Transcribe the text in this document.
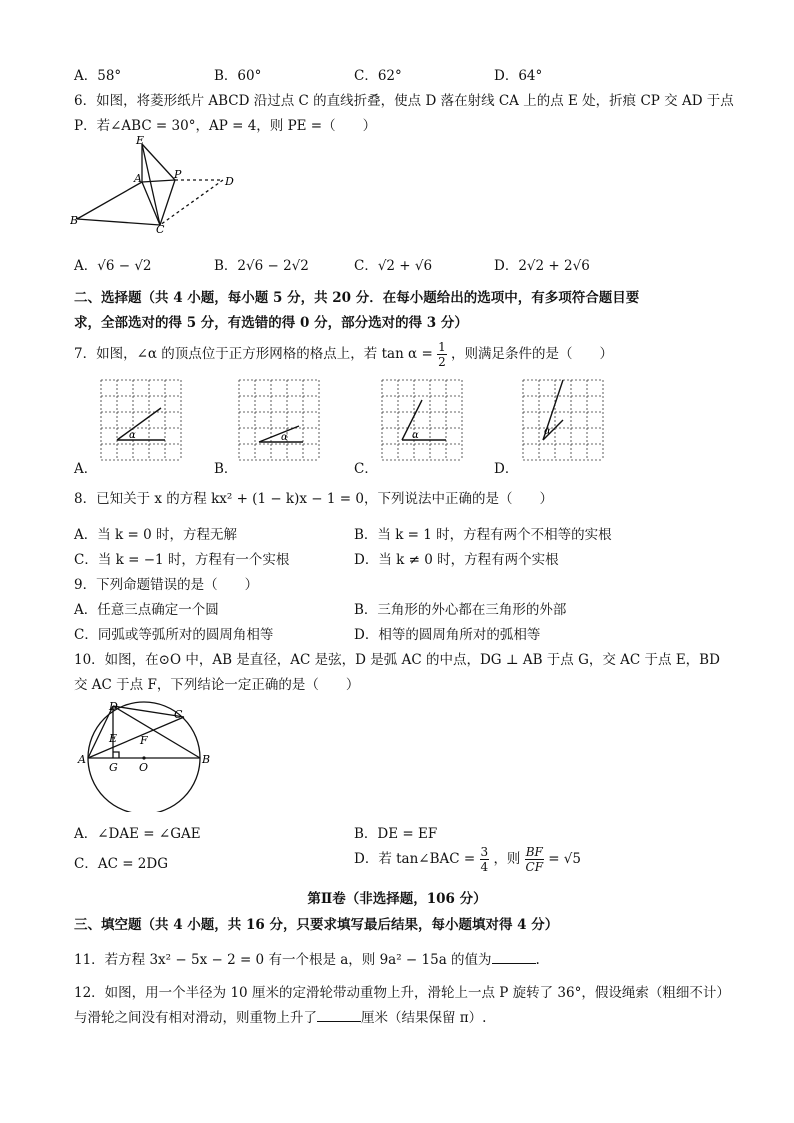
A．58°	B．60°	C．62°	D．64°
6．如图，将菱形纸片 ABCD 沿过点 C 的直线折叠，使点 D 落在射线 CA 上的点 E 处，折痕 CP 交 AD 于点
P．若∠ABC = 30°，AP = 4，则 PE =（　　）
E
A	P
D
B
C
A．√6 − √2	B．2√6 − 2√2	C．√2 + √6	D．2√2 + 2√6
二、选择题（共 4 小题，每小题 5 分，共 20 分．在每小题给出的选项中，有多项符合题目要
求，全部选对的得 5 分，有选错的得 0 分，部分选对的得 3 分）
7．如图，∠α 的顶点位于正方形网格的格点上，若 $\tan \alpha = \frac{1}{2}$ ，则满足条件的是（　　）
α
A．
α
B．
α
C．
α
D．
8．已知关于 x 的方程 kx² + (1 − k)x − 1 = 0，下列说法中正确的是（　　）
A．当 k = 0 时，方程无解	B．当 k = 1 时，方程有两个不相等的实根
C．当 k = −1 时，方程有一个实根	D．当 k ≠ 0 时，方程有两个实根
9．下列命题错误的是（　　）
A．任意三点确定一个圆	B．三角形的外心都在三角形的外部
C．同弧或等弧所对的圆周角相等	D．相等的圆周角所对的弧相等
10．如图，在⊙O 中，AB 是直径，AC 是弦，D 是弧 AC 的中点，DG ⊥ AB 于点 G，交 AC 于点 E，BD
交 AC 于点 F，下列结论一定正确的是（　　）
D
C
E F
A
G O
B
A．∠DAE = ∠GAE	B．DE = EF
C．AC = 2DG	D．若 tan∠BAC = $\frac{3}{4}$ ，则 $\frac{BF}{CF} = √5$
第Ⅱ卷（非选择题，106 分）
三、填空题（共 4 小题，共 16 分，只要求填写最后结果，每小题填对得 4 分）
11．若方程 3x² − 5x − 2 = 0 有一个根是 a，则 9a² − 15a 的值为	.
12．如图，用一个半径为 10 厘米的定滑轮带动重物上升，滑轮上一点 P 旋转了 36°，假设绳索（粗细不计）
与滑轮之间没有相对滑动，则重物上升了	厘米（结果保留 π）.
